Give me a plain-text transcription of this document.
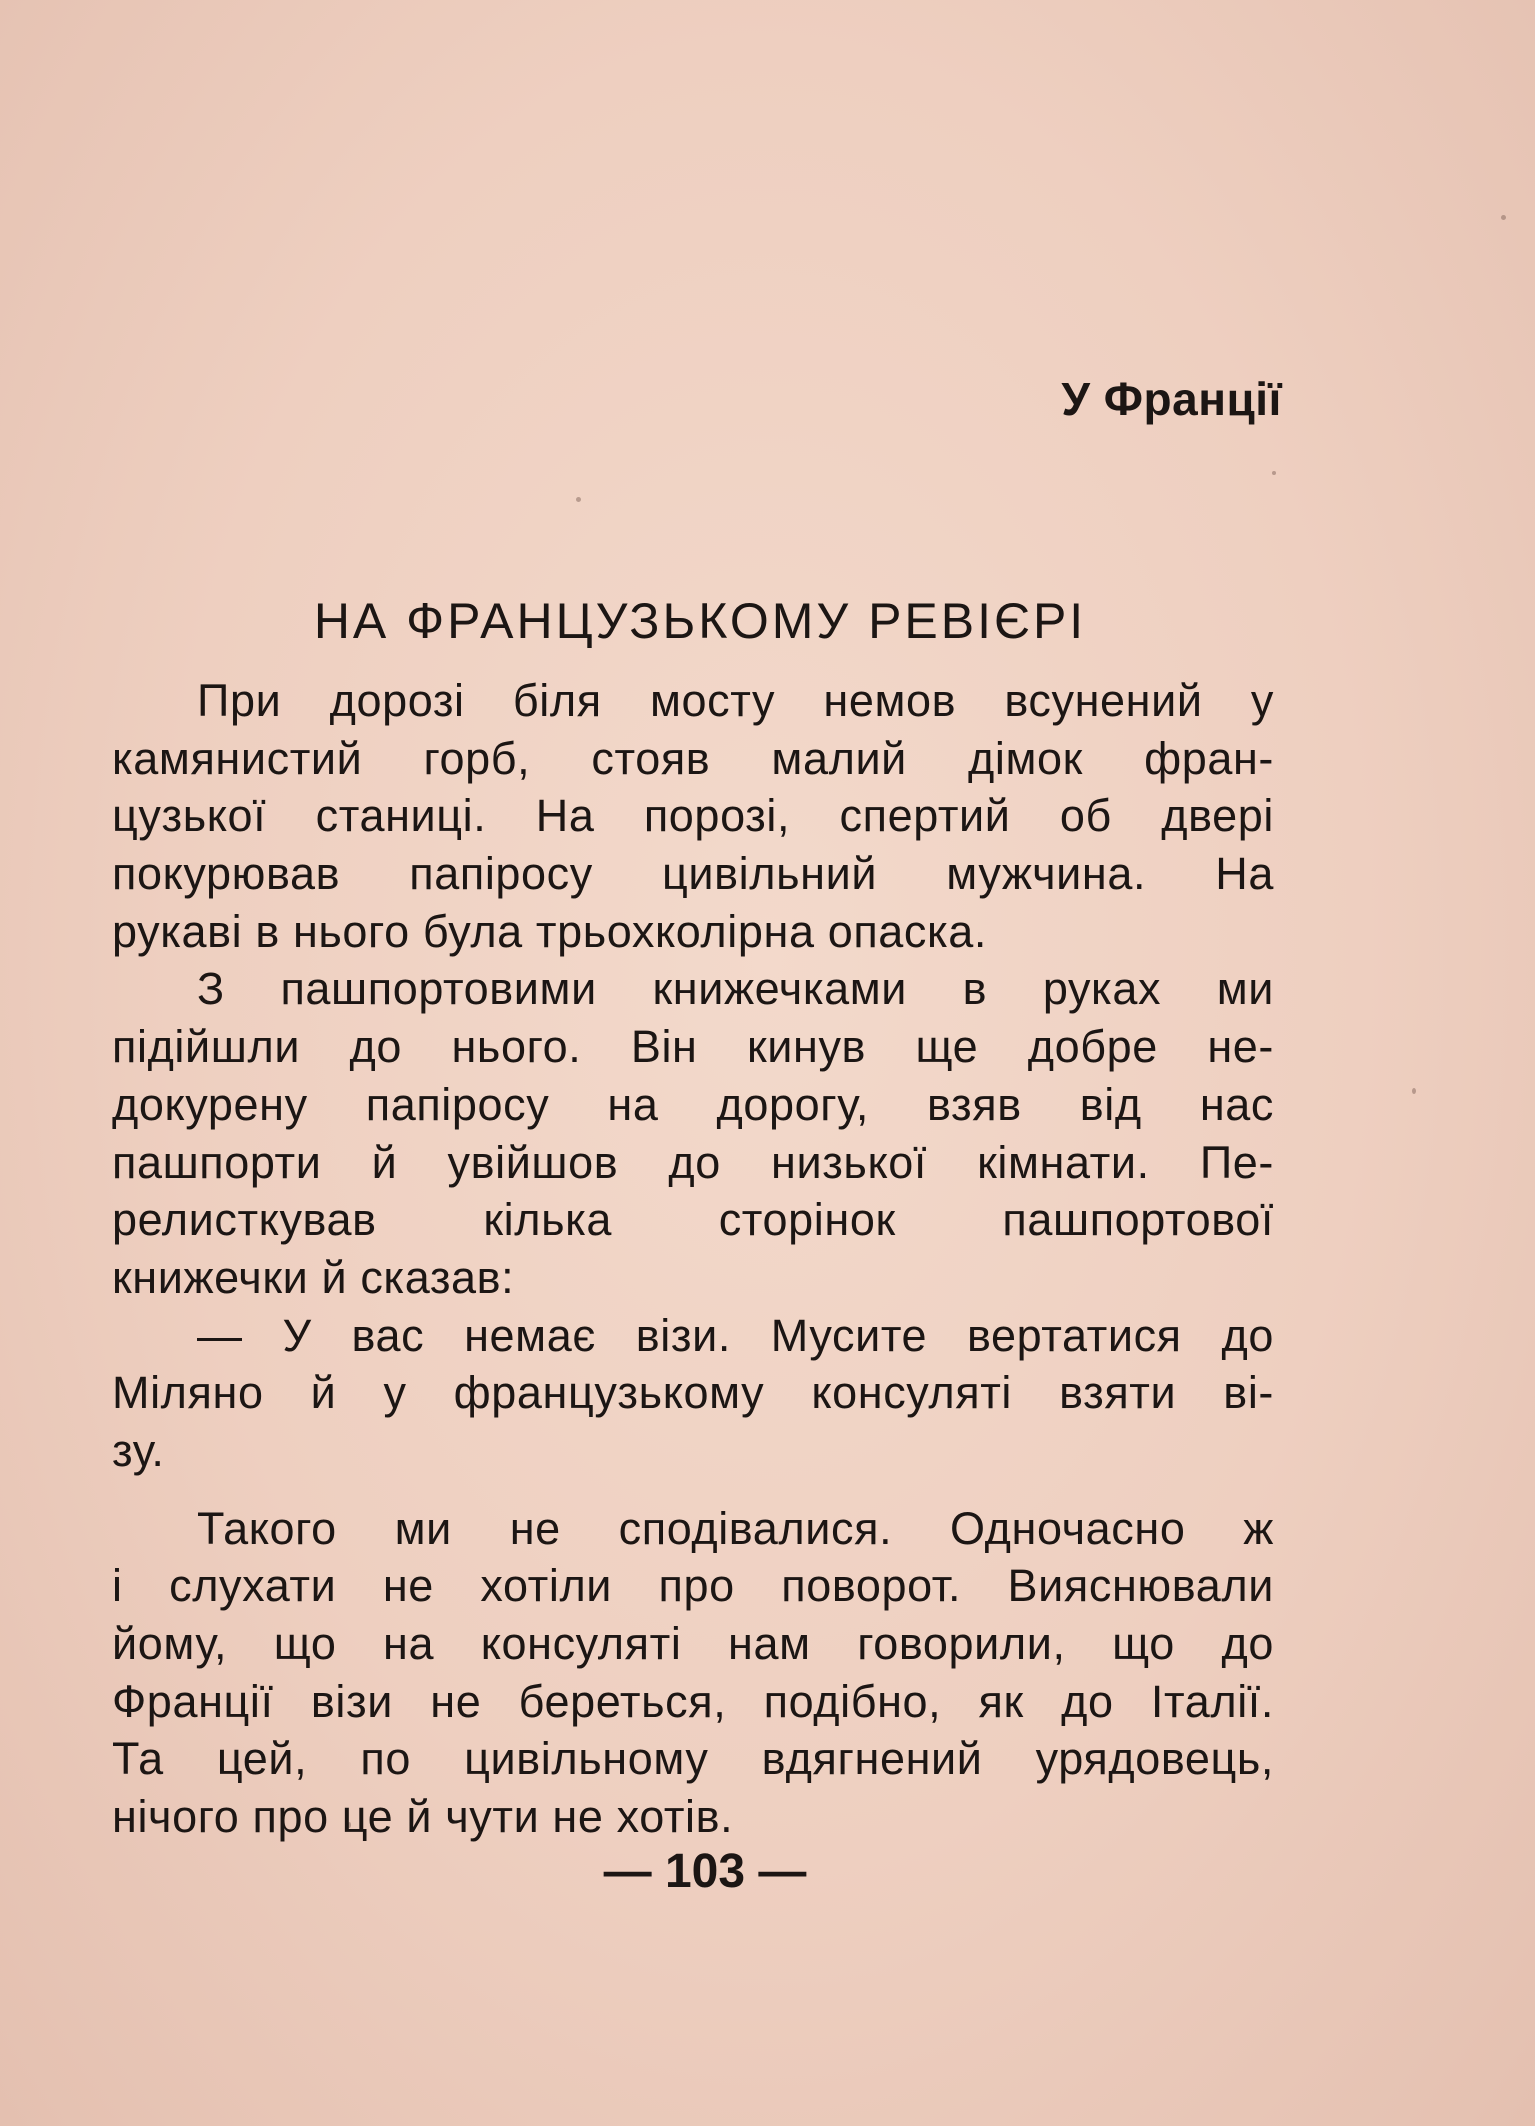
У Франції

НА ФРАНЦУЗЬКОМУ РЕВІЄРІ
При дорозі біля мосту немов всунений у
камянистий горб, стояв малий дімок фран-
цузької станиці. На порозі, спертий об двері
покурював папіросу цивільний мужчина. На
рукаві в нього була трьохколірна опаска.
З пашпортовими книжечками в руках ми
підійшли до нього. Він кинув ще добре не-
докурену папіросу на дорогу, взяв від нас
пашпорти й увійшов до низької кімнати. Пе-
релисткував кілька сторінок пашпортової
книжечки й сказав:
— У вас немає візи. Мусите вертатися до
Міляно й у французькому консуляті взяти ві-
зу.
Такого ми не сподівалися. Одночасно ж
і слухати не хотіли про поворот. Вияснювали
йому, що на консуляті нам говорили, що до
Франції візи не береться, подібно, як до Італії.
Та цей, по цивільному вдягнений урядовець,
нічого про це й чути не хотів.

— 103 —
